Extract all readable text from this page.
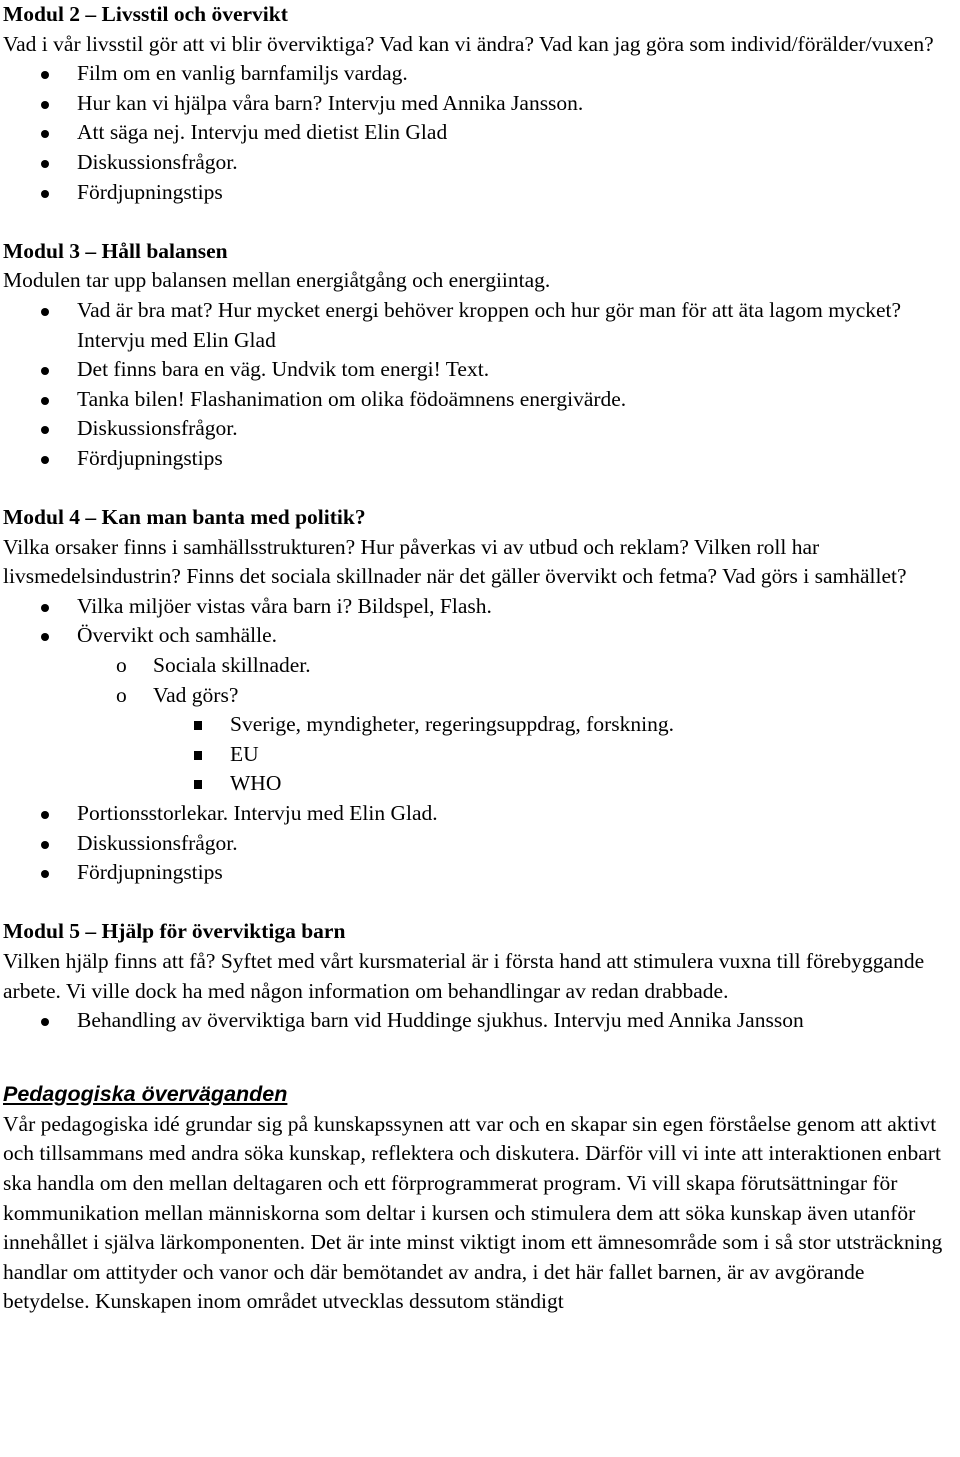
Modul 2 – Livsstil och övervikt

Vad i vår livsstil gör att vi blir överviktiga? Vad kan vi ändra? Vad kan jag göra som individ/förälder/vuxen?

Film om en vanlig barnfamiljs vardag.
Hur kan vi hjälpa våra barn? Intervju med Annika Jansson.
Att säga nej. Intervju med dietist Elin Glad
Diskussionsfrågor.
Fördjupningstips
Modul 3 – Håll balansen

Modulen tar upp balansen mellan energiåtgång och energiintag.

Vad är bra mat? Hur mycket energi behöver kroppen och hur gör man för att äta lagom mycket? Intervju med Elin Glad
Det finns bara en väg. Undvik tom energi! Text.
Tanka bilen! Flashanimation om olika födoämnens energivärde.
Diskussionsfrågor.
Fördjupningstips
Modul 4 – Kan man banta med politik?

Vilka orsaker finns i samhällsstrukturen? Hur påverkas vi av utbud och reklam? Vilken roll har livsmedelsindustrin? Finns det sociala skillnader när det gäller övervikt och fetma? Vad görs i samhället?

Vilka miljöer vistas våra barn i? Bildspel, Flash.
Övervikt och samhälle.
o Sociala skillnader.
o Vad görs?
Sverige, myndigheter, regeringsuppdrag, forskning.
EU
WHO
Portionsstorlekar. Intervju med Elin Glad.
Diskussionsfrågor.
Fördjupningstips
Modul 5 – Hjälp för överviktiga barn

Vilken hjälp finns att få? Syftet med vårt kursmaterial är i första hand att stimulera vuxna till förebyggande arbete. Vi ville dock ha med någon information om behandlingar av redan drabbade.

Behandling av överviktiga barn vid Huddinge sjukhus. Intervju med Annika Jansson
Pedagogiska överväganden

Vår pedagogiska idé grundar sig på kunskapssynen att var och en skapar sin egen förståelse genom att aktivt och tillsammans med andra söka kunskap, reflektera och diskutera. Därför vill vi inte att interaktionen enbart ska handla om den mellan deltagaren och ett förprogrammerat program. Vi vill skapa förutsättningar för kommunikation mellan människorna som deltar i kursen och stimulera dem att söka kunskap även utanför innehållet i själva lärkomponenten. Det är inte minst viktigt inom ett ämnesområde som i så stor utsträckning handlar om attityder och vanor och där bemötandet av andra, i det här fallet barnen, är av avgörande betydelse. Kunskapen inom området utvecklas dessutom ständigt
